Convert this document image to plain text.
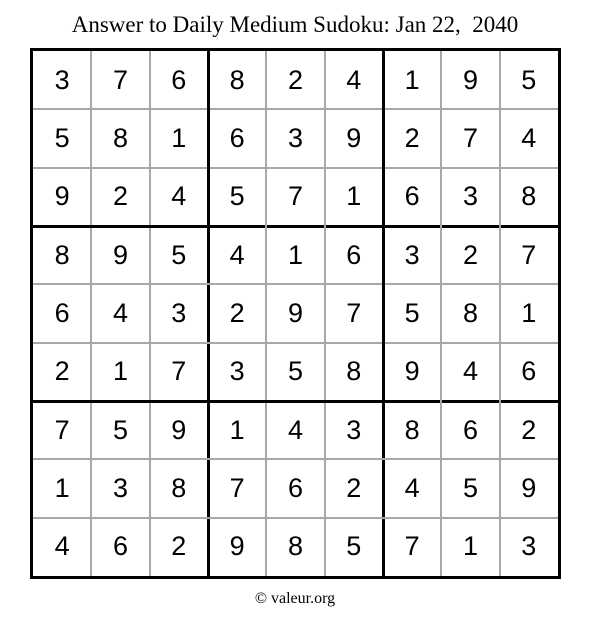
Answer to Daily Medium Sudoku: Jan 22,  2040
3	7	6	8	2	4	1	9	5
5	8	1	6	3	9	2	7	4
9	2	4	5	7	1	6	3	8
8	9	5	4	1	6	3	2	7
6	4	3	2	9	7	5	8	1
2	1	7	3	5	8	9	4	6
7	5	9	1	4	3	8	6	2
1	3	8	7	6	2	4	5	9
4	6	2	9	8	5	7	1	3
© valeur.org
